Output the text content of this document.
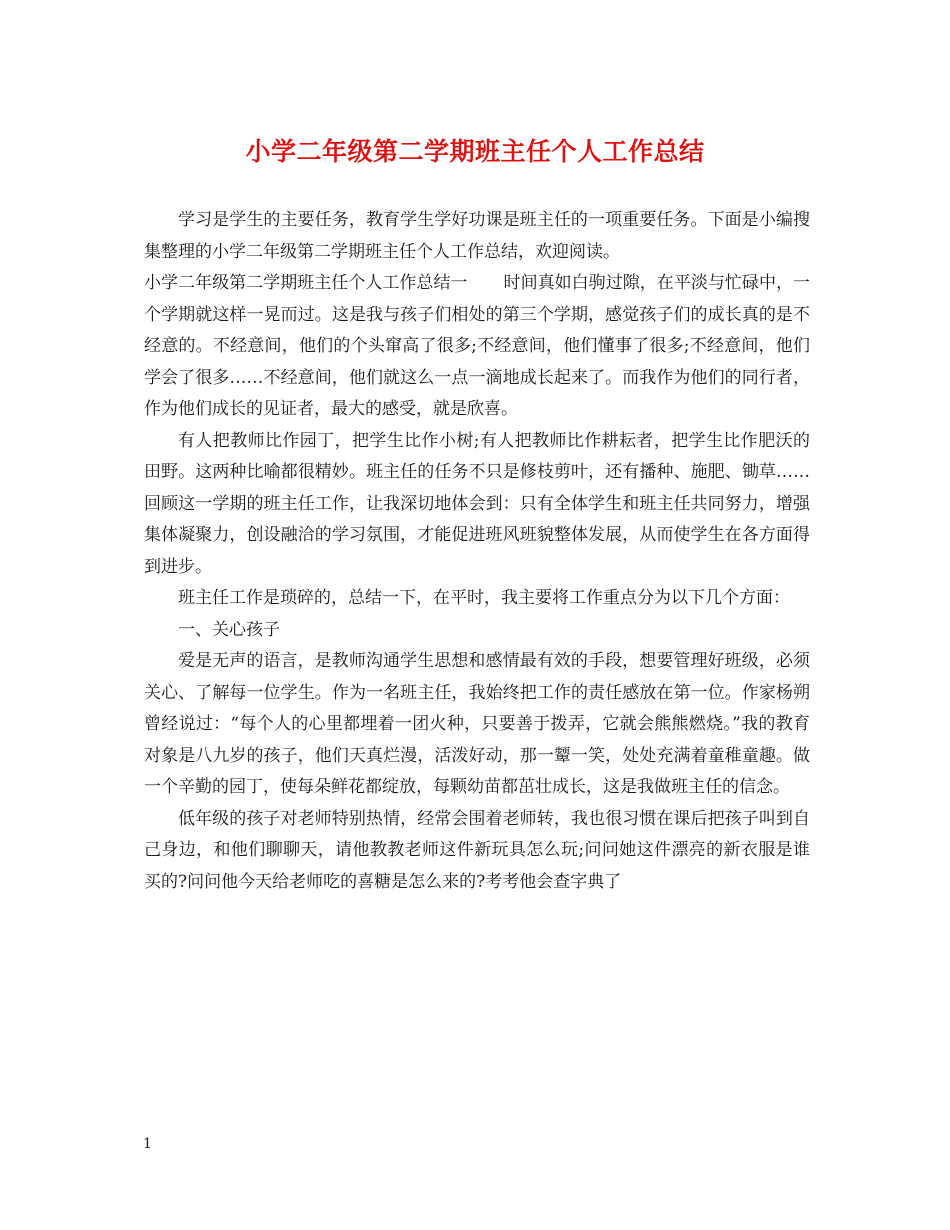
小学二年级第二学期班主任个人工作总结

学习是学生的主要任务，教育学生学好功课是班主任的一项重要任务。下面是小编搜集整理的小学二年级第二学期班主任个人工作总结，欢迎阅读。

小学二年级第二学期班主任个人工作总结一 时间真如白驹过隙，在平淡与忙碌中，一个学期就这样一晃而过。这是我与孩子们相处的第三个学期，感觉孩子们的成长真的是不经意的。不经意间，他们的个头窜高了很多;不经意间，他们懂事了很多;不经意间，他们学会了很多……不经意间，他们就这么一点一滴地成长起来了。而我作为他们的同行者，作为他们成长的见证者，最大的感受，就是欣喜。

有人把教师比作园丁，把学生比作小树;有人把教师比作耕耘者，把学生比作肥沃的田野。这两种比喻都很精妙。班主任的任务不只是修枝剪叶，还有播种、施肥、锄草……回顾这一学期的班主任工作，让我深切地体会到：只有全体学生和班主任共同努力，增强集体凝聚力，创设融洽的学习氛围，才能促进班风班貌整体发展，从而使学生在各方面得到进步。

班主任工作是琐碎的，总结一下，在平时，我主要将工作重点分为以下几个方面：

一、关心孩子

爱是无声的语言，是教师沟通学生思想和感情最有效的手段，想要管理好班级，必须关心、了解每一位学生。作为一名班主任，我始终把工作的责任感放在第一位。作家杨朔曾经说过：“每个人的心里都埋着一团火种，只要善于拨弄，它就会熊熊燃烧。”我的教育对象是八九岁的孩子，他们天真烂漫，活泼好动，那一颦一笑，处处充满着童稚童趣。做一个辛勤的园丁，使每朵鲜花都绽放，每颗幼苗都茁壮成长，这是我做班主任的信念。

低年级的孩子对老师特别热情，经常会围着老师转，我也很习惯在课后把孩子叫到自己身边，和他们聊聊天，请他教教老师这件新玩具怎么玩;问问她这件漂亮的新衣服是谁买的?问问他今天给老师吃的喜糖是怎么来的?考考他会查字典了

1
